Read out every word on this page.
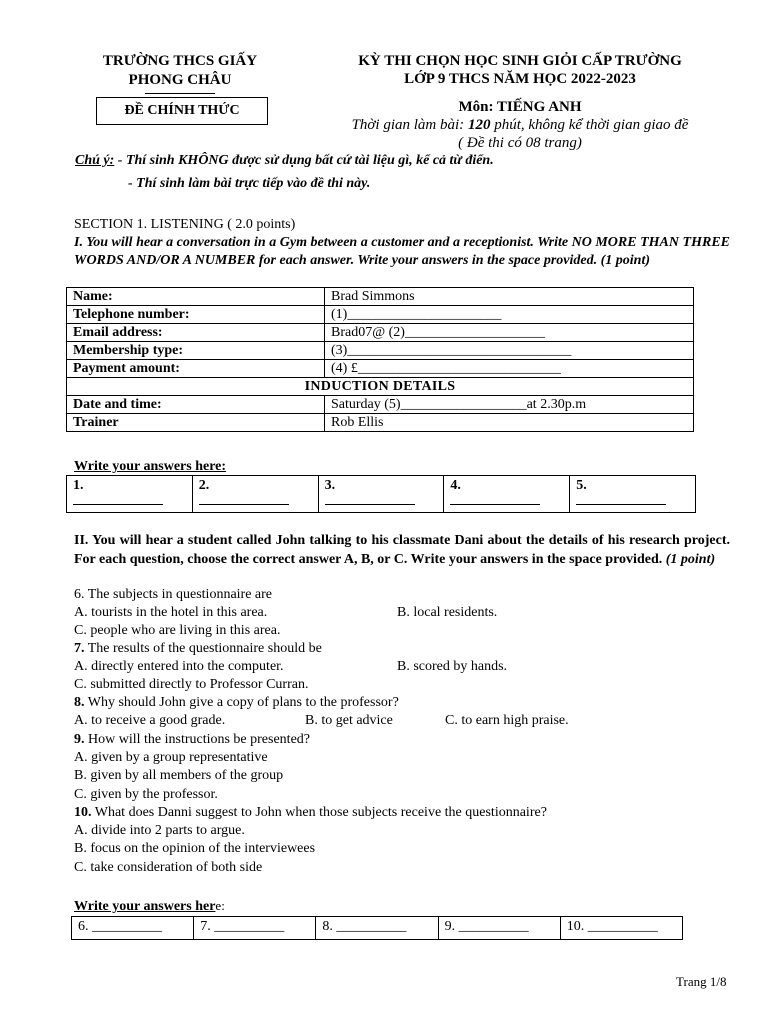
TRƯỜNG THCS GIẤY
PHONG CHÂU
ĐỀ CHÍNH THỨC
KỲ THI CHỌN HỌC SINH GIỎI CẤP TRƯỜNG
LỚP 9 THCS NĂM HỌC 2022-2023
Môn: TIẾNG ANH
Thời gian làm bài: 120 phút, không kể thời gian giao đề
( Đề thi có 08 trang)
Chú ý: - Thí sinh KHÔNG được sử dụng bất cứ tài liệu gì, kể cả từ điển.
- Thí sinh làm bài trực tiếp vào đề thi này.
SECTION 1. LISTENING ( 2.0 points)
I. You will hear a conversation in a Gym between a customer and a receptionist. Write NO MORE THAN THREE WORDS AND/OR A NUMBER for each answer. Write your answers in the space provided. (1 point)
Name:	Brad Simmons
Telephone number:	(1)______________________
Email address:	Brad07@ (2)____________________
Membership type:	(3)________________________________
Payment amount:	(4) £_____________________________
INDUCTION DETAILS	
Date and time:	Saturday (5)__________________at 2.30p.m
Trainer	Rob Ellis
Write your answers here:
1.	2.	3.	4.	5.

II. You will hear a student called John talking to his classmate Dani about the details of his research project. For each question, choose the correct answer A, B, or C. Write your answers in the space provided. (1 point)
6. The subjects in questionnaire are
A. tourists in the hotel in this area.	B. local residents.
C. people who are living in this area.
7. The results of the questionnaire should be
A. directly entered into the computer.	B. scored by hands.
C. submitted directly to Professor Curran.
8. Why should John give a copy of plans to the professor?
A. to receive a good grade.	B. to get advice	C. to earn high praise.
9. How will the instructions be presented?
A. given by a group representative
B. given by all members of the group
C. given by the professor.
10. What does Danni suggest to John when those subjects receive the questionnaire?
A. divide into 2 parts to argue.
B. focus on the opinion of the interviewees
C. take consideration of both side
Write your answers here:
6. __________	7. __________	8. __________	9. __________	10. __________
Trang 1/8
